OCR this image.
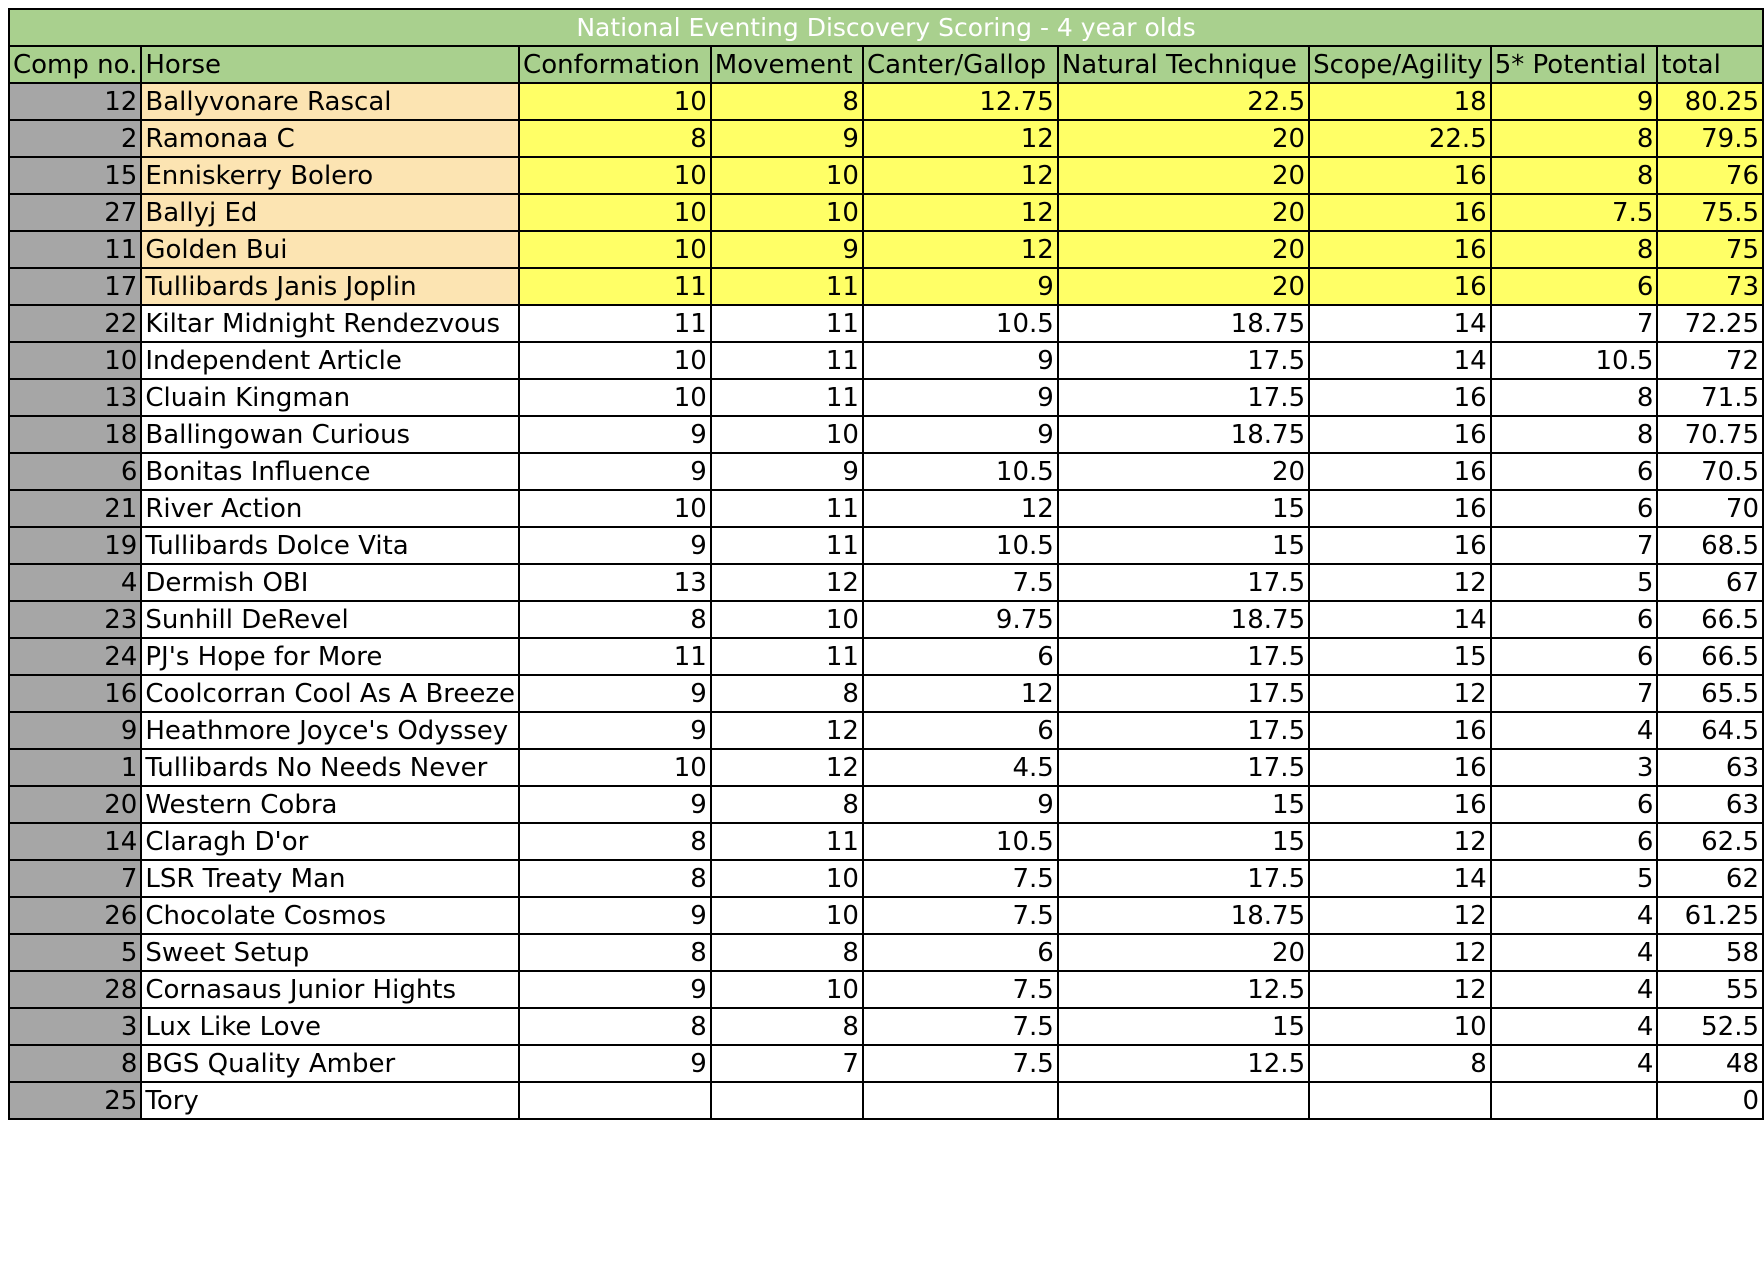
National Eventing Discovery Scoring - 4 year olds								
Comp no.	Horse	Conformation	Movement	Canter/Gallop	Natural Technique	Scope/Agility	5* Potential	total
12	Ballyvonare Rascal	10	8	12.75	22.5	18	9	80.25
2	Ramonaa C	8	9	12	20	22.5	8	79.5
15	Enniskerry Bolero	10	10	12	20	16	8	76
27	Ballyj Ed	10	10	12	20	16	7.5	75.5
11	Golden Bui	10	9	12	20	16	8	75
17	Tullibards Janis Joplin	11	11	9	20	16	6	73
22	Kiltar Midnight Rendezvous	11	11	10.5	18.75	14	7	72.25
10	Independent Article	10	11	9	17.5	14	10.5	72
13	Cluain Kingman	10	11	9	17.5	16	8	71.5
18	Ballingowan Curious	9	10	9	18.75	16	8	70.75
6	Bonitas Influence	9	9	10.5	20	16	6	70.5
21	River Action	10	11	12	15	16	6	70
19	Tullibards Dolce Vita	9	11	10.5	15	16	7	68.5
4	Dermish OBI	13	12	7.5	17.5	12	5	67
23	Sunhill DeRevel	8	10	9.75	18.75	14	6	66.5
24	PJ's Hope for More	11	11	6	17.5	15	6	66.5
16	Coolcorran Cool As A Breeze	9	8	12	17.5	12	7	65.5
9	Heathmore Joyce's Odyssey	9	12	6	17.5	16	4	64.5
1	Tullibards No Needs Never	10	12	4.5	17.5	16	3	63
20	Western Cobra	9	8	9	15	16	6	63
14	Claragh D'or	8	11	10.5	15	12	6	62.5
7	LSR Treaty Man	8	10	7.5	17.5	14	5	62
26	Chocolate Cosmos	9	10	7.5	18.75	12	4	61.25
5	Sweet Setup	8	8	6	20	12	4	58
28	Cornasaus Junior Hights	9	10	7.5	12.5	12	4	55
3	Lux Like Love	8	8	7.5	15	10	4	52.5
8	BGS Quality Amber	9	7	7.5	12.5	8	4	48
25	Tory							0
